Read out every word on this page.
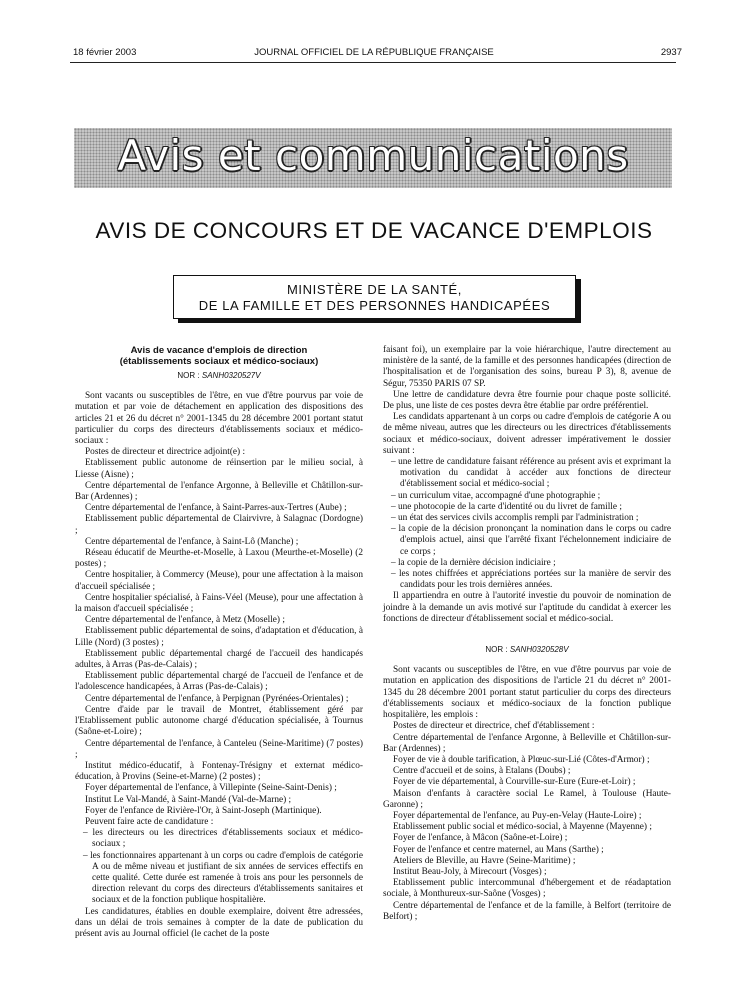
18 février 2003	JOURNAL OFFICIEL DE LA RÉPUBLIQUE FRANÇAISE	2937
Avis et communications
AVIS DE CONCOURS ET DE VACANCE D'EMPLOIS
MINISTÈRE DE LA SANTÉ,
DE LA FAMILLE ET DES PERSONNES HANDICAPÉES

Avis de vacance d'emplois de direction

(établissements sociaux et médico-sociaux)

NOR : SANH0320527V

Sont vacants ou susceptibles de l'être, en vue d'être pourvus par voie de mutation et par voie de détachement en application des dispositions des articles 21 et 26 du décret n° 2001-1345 du 28 décembre 2001 portant statut particulier du corps des directeurs d'établissements sociaux et médico-sociaux :

Postes de directeur et directrice adjoint(e) :

Etablissement public autonome de réinsertion par le milieu social, à Liesse (Aisne) ;

Centre départemental de l'enfance Argonne, à Belleville et Châtillon-sur-Bar (Ardennes) ;

Centre départemental de l'enfance, à Saint-Parres-aux-Tertres (Aube) ;

Etablissement public départemental de Clairvivre, à Salagnac (Dordogne) ;

Centre départemental de l'enfance, à Saint-Lô (Manche) ;

Réseau éducatif de Meurthe-et-Moselle, à Laxou (Meurthe-et-Moselle) (2 postes) ;

Centre hospitalier, à Commercy (Meuse), pour une affectation à la maison d'accueil spécialisée ;

Centre hospitalier spécialisé, à Fains-Véel (Meuse), pour une affectation à la maison d'accueil spécialisée ;

Centre départemental de l'enfance, à Metz (Moselle) ;

Etablissement public départemental de soins, d'adaptation et d'éducation, à Lille (Nord) (3 postes) ;

Etablissement public départemental chargé de l'accueil des handicapés adultes, à Arras (Pas-de-Calais) ;

Etablissement public départemental chargé de l'accueil de l'enfance et de l'adolescence handicapées, à Arras (Pas-de-Calais) ;

Centre départemental de l'enfance, à Perpignan (Pyrénées-Orientales) ;

Centre d'aide par le travail de Montret, établissement géré par l'Etablissement public autonome chargé d'éducation spécialisée, à Tournus (Saône-et-Loire) ;

Centre départemental de l'enfance, à Canteleu (Seine-Maritime) (7 postes) ;

Institut médico-éducatif, à Fontenay-Trésigny et externat médico-éducation, à Provins (Seine-et-Marne) (2 postes) ;

Foyer départemental de l'enfance, à Villepinte (Seine-Saint-Denis) ;

Institut Le Val-Mandé, à Saint-Mandé (Val-de-Marne) ;

Foyer de l'enfance de Rivière-l'Or, à Saint-Joseph (Martinique).

Peuvent faire acte de candidature :

– les directeurs ou les directrices d'établissements sociaux et médico-sociaux ;

– les fonctionnaires appartenant à un corps ou cadre d'emplois de catégorie A ou de même niveau et justifiant de six années de services effectifs en cette qualité. Cette durée est ramenée à trois ans pour les personnels de direction relevant du corps des directeurs d'établissements sanitaires et sociaux et de la fonction publique hospitalière.

Les candidatures, établies en double exemplaire, doivent être adressées, dans un délai de trois semaines à compter de la date de publication du présent avis au Journal officiel (le cachet de la poste

faisant foi), un exemplaire par la voie hiérarchique, l'autre directement au ministère de la santé, de la famille et des personnes handicapées (direction de l'hospitalisation et de l'organisation des soins, bureau P 3), 8, avenue de Ségur, 75350 PARIS 07 SP.

Une lettre de candidature devra être fournie pour chaque poste sollicité. De plus, une liste de ces postes devra être établie par ordre préférentiel.

Les candidats appartenant à un corps ou cadre d'emplois de catégorie A ou de même niveau, autres que les directeurs ou les directrices d'établissements sociaux et médico-sociaux, doivent adresser impérativement le dossier suivant :

– une lettre de candidature faisant référence au présent avis et exprimant la motivation du candidat à accéder aux fonctions de directeur d'établissement social et médico-social ;

– un curriculum vitae, accompagné d'une photographie ;

– une photocopie de la carte d'identité ou du livret de famille ;

– un état des services civils accomplis rempli par l'administration ;

– la copie de la décision prononçant la nomination dans le corps ou cadre d'emplois actuel, ainsi que l'arrêté fixant l'échelonnement indiciaire de ce corps ;

– la copie de la dernière décision indiciaire ;

– les notes chiffrées et appréciations portées sur la manière de servir des candidats pour les trois dernières années.

Il appartiendra en outre à l'autorité investie du pouvoir de nomination de joindre à la demande un avis motivé sur l'aptitude du candidat à exercer les fonctions de directeur d'établissement social et médico-social.

NOR : SANH0320528V

Sont vacants ou susceptibles de l'être, en vue d'être pourvus par voie de mutation en application des dispositions de l'article 21 du décret n° 2001-1345 du 28 décembre 2001 portant statut particulier du corps des directeurs d'établissements sociaux et médico-sociaux de la fonction publique hospitalière, les emplois :

Postes de directeur et directrice, chef d'établissement :

Centre départemental de l'enfance Argonne, à Belleville et Châtillon-sur-Bar (Ardennes) ;

Foyer de vie à double tarification, à Plœuc-sur-Lié (Côtes-d'Armor) ;

Centre d'accueil et de soins, à Etalans (Doubs) ;

Foyer de vie départemental, à Courville-sur-Eure (Eure-et-Loir) ;

Maison d'enfants à caractère social Le Ramel, à Toulouse (Haute-Garonne) ;

Foyer départemental de l'enfance, au Puy-en-Velay (Haute-Loire) ;

Etablissement public social et médico-social, à Mayenne (Mayenne) ;

Foyer de l'enfance, à Mâcon (Saône-et-Loire) ;

Foyer de l'enfance et centre maternel, au Mans (Sarthe) ;

Ateliers de Bleville, au Havre (Seine-Maritime) ;

Institut Beau-Joly, à Mirecourt (Vosges) ;

Etablissement public intercommunal d'hébergement et de réadaptation sociale, à Monthureux-sur-Saône (Vosges) ;

Centre départemental de l'enfance et de la famille, à Belfort (territoire de Belfort) ;
